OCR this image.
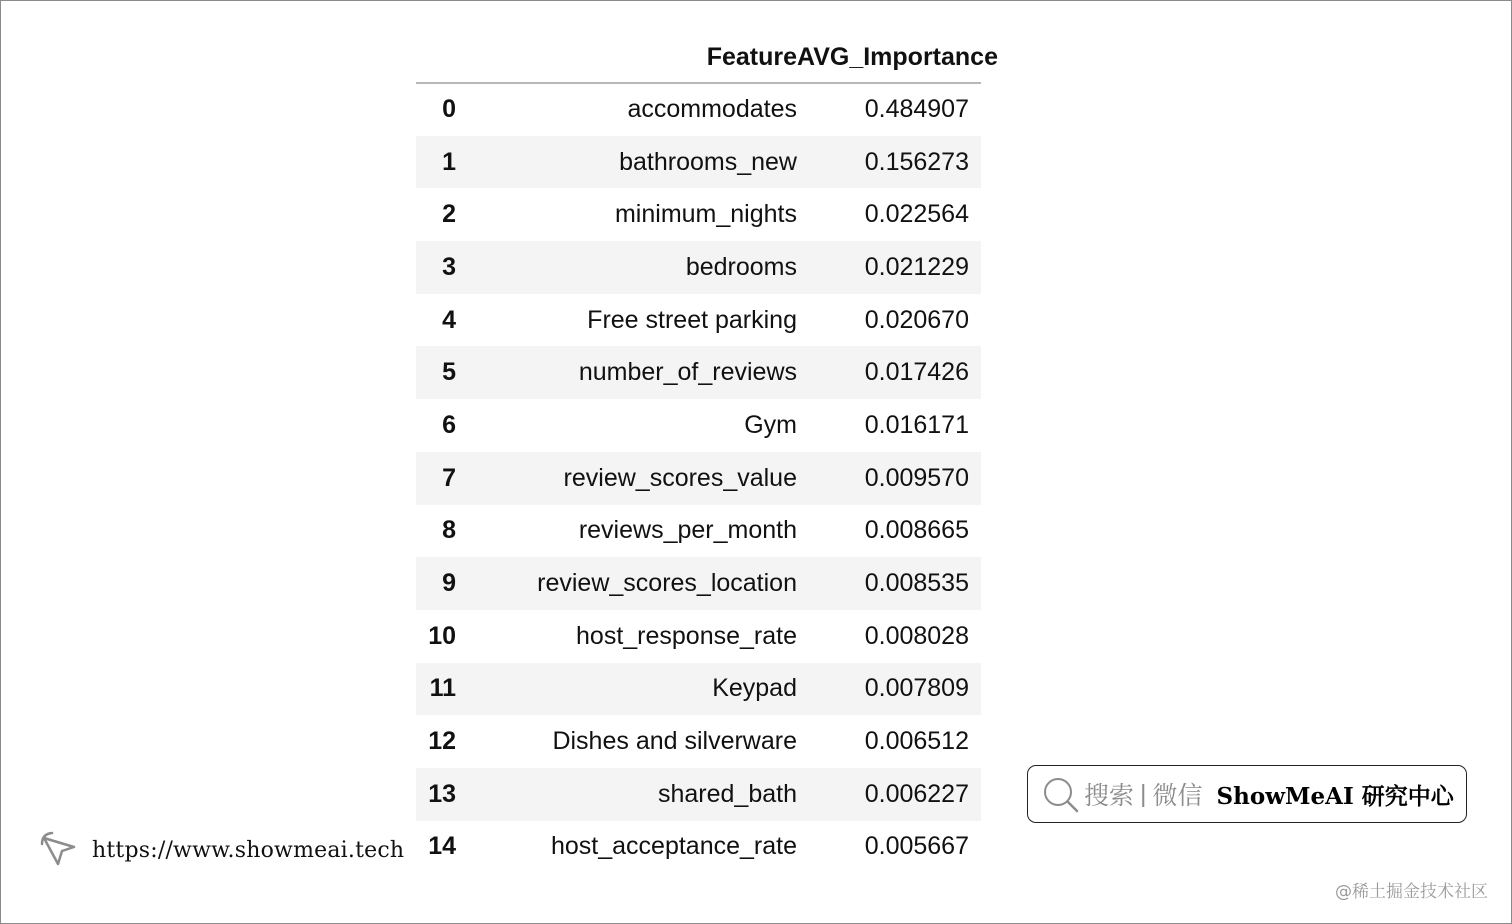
	Feature	AVG_Importance
0	accommodates	0.484907
1	bathrooms_new	0.156273
2	minimum_nights	0.022564
3	bedrooms	0.021229
4	Free street parking	0.020670
5	number_of_reviews	0.017426
6	Gym	0.016171
7	review_scores_value	0.009570
8	reviews_per_month	0.008665
9	review_scores_location	0.008535
10	host_response_rate	0.008028
11	Keypad	0.007809
12	Dishes and silverware	0.006512
13	shared_bath	0.006227
14	host_acceptance_rate	0.005667
https://www.showmeai.tech
搜索 | 微信 ShowMeAI 研究中心
@稀土掘金技术社区
